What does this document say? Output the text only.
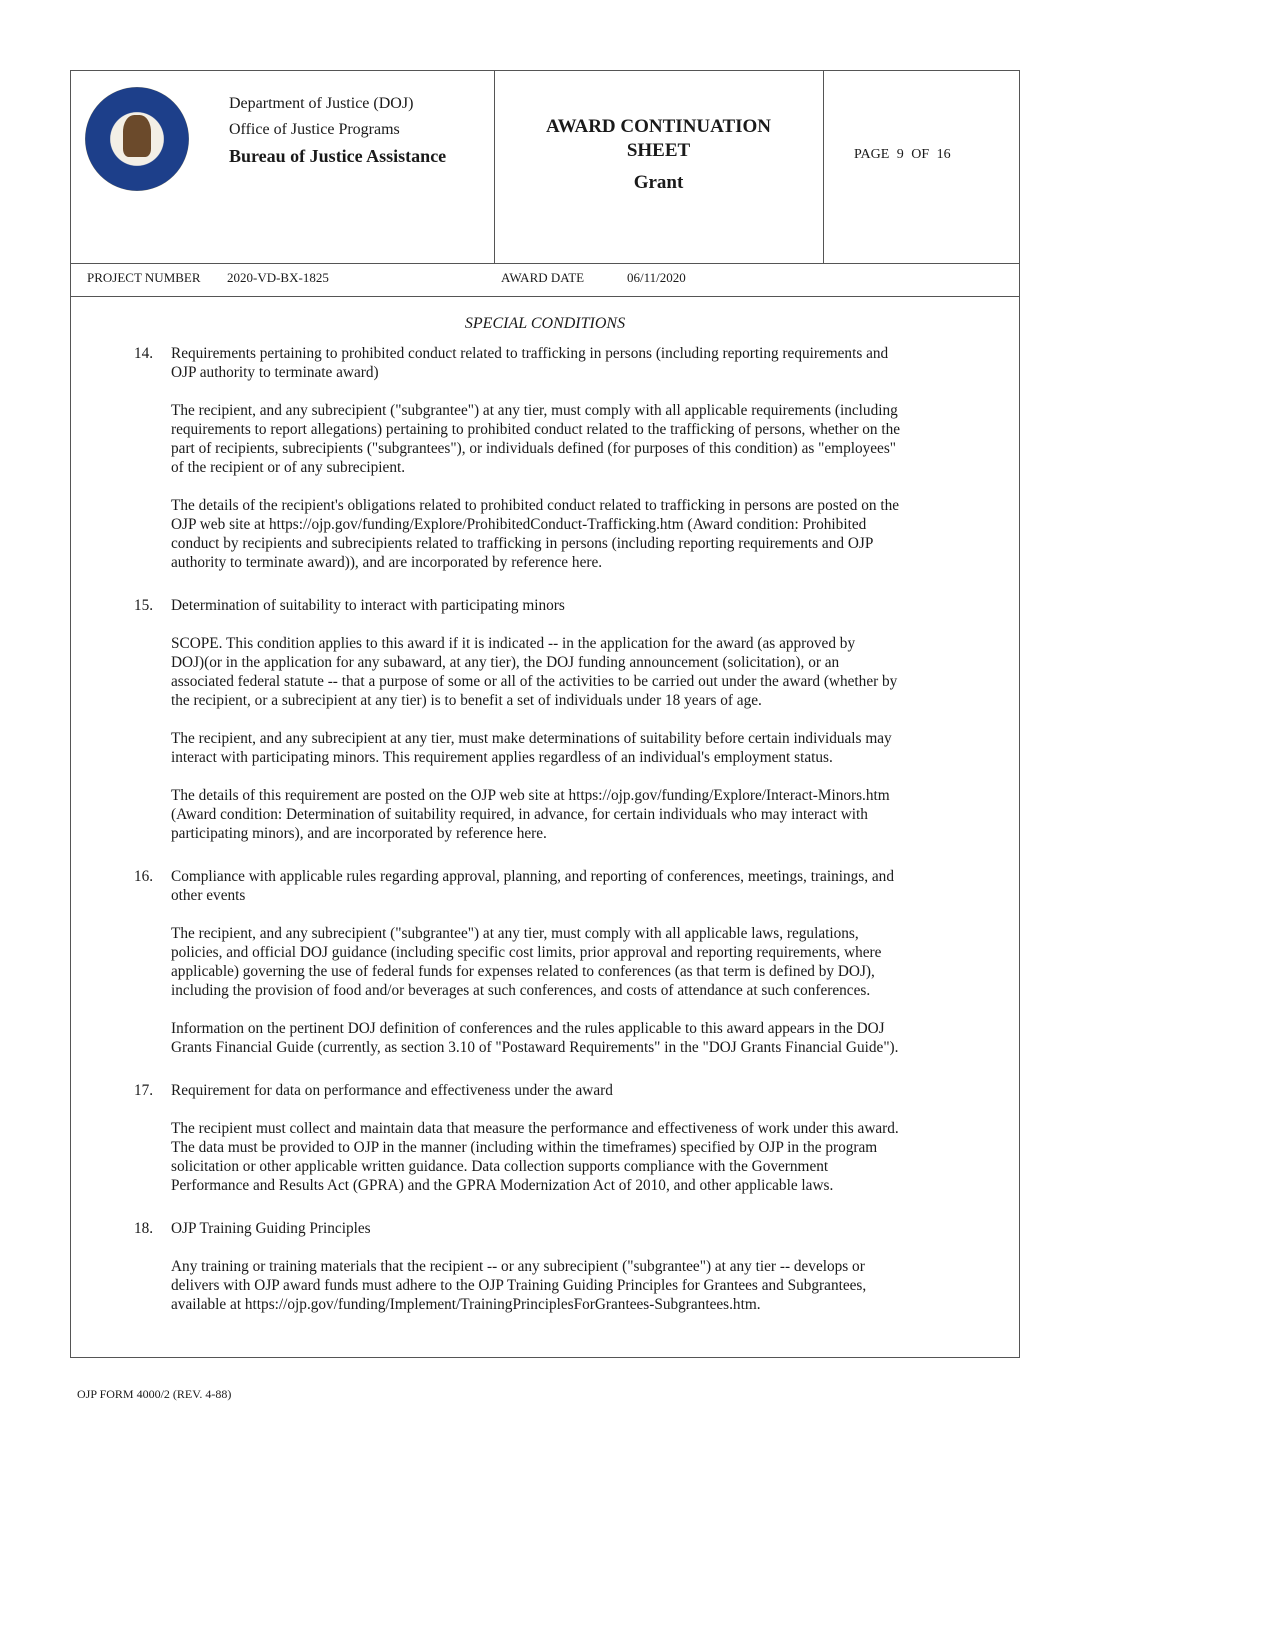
Department of Justice (DOJ)
Office of Justice Programs
Bureau of Justice Assistance
AWARD CONTINUATION
SHEET
Grant
PAGE 9 OF 16
PROJECT NUMBER 2020-VD-BX-1825	AWARD DATE	06/11/2020
SPECIAL CONDITIONS
14. Requirements pertaining to prohibited conduct related to trafficking in persons (including reporting requirements and
OJP authority to terminate award)
The recipient, and any subrecipient ("subgrantee") at any tier, must comply with all applicable requirements (including
requirements to report allegations) pertaining to prohibited conduct related to the trafficking of persons, whether on the
part of recipients, subrecipients ("subgrantees"), or individuals defined (for purposes of this condition) as "employees"
of the recipient or of any subrecipient.
The details of the recipient's obligations related to prohibited conduct related to trafficking in persons are posted on the
OJP web site at https://ojp.gov/funding/Explore/ProhibitedConduct-Trafficking.htm (Award condition: Prohibited
conduct by recipients and subrecipients related to trafficking in persons (including reporting requirements and OJP
authority to terminate award)), and are incorporated by reference here.
15. Determination of suitability to interact with participating minors
SCOPE. This condition applies to this award if it is indicated -- in the application for the award (as approved by
DOJ)(or in the application for any subaward, at any tier), the DOJ funding announcement (solicitation), or an
associated federal statute -- that a purpose of some or all of the activities to be carried out under the award (whether by
the recipient, or a subrecipient at any tier) is to benefit a set of individuals under 18 years of age.
The recipient, and any subrecipient at any tier, must make determinations of suitability before certain individuals may
interact with participating minors. This requirement applies regardless of an individual's employment status.
The details of this requirement are posted on the OJP web site at https://ojp.gov/funding/Explore/Interact-Minors.htm
(Award condition: Determination of suitability required, in advance, for certain individuals who may interact with
participating minors), and are incorporated by reference here.
16. Compliance with applicable rules regarding approval, planning, and reporting of conferences, meetings, trainings, and
other events
The recipient, and any subrecipient ("subgrantee") at any tier, must comply with all applicable laws, regulations,
policies, and official DOJ guidance (including specific cost limits, prior approval and reporting requirements, where
applicable) governing the use of federal funds for expenses related to conferences (as that term is defined by DOJ),
including the provision of food and/or beverages at such conferences, and costs of attendance at such conferences.
Information on the pertinent DOJ definition of conferences and the rules applicable to this award appears in the DOJ
Grants Financial Guide (currently, as section 3.10 of "Postaward Requirements" in the "DOJ Grants Financial Guide").
17. Requirement for data on performance and effectiveness under the award
The recipient must collect and maintain data that measure the performance and effectiveness of work under this award.
The data must be provided to OJP in the manner (including within the timeframes) specified by OJP in the program
solicitation or other applicable written guidance. Data collection supports compliance with the Government
Performance and Results Act (GPRA) and the GPRA Modernization Act of 2010, and other applicable laws.
18. OJP Training Guiding Principles
Any training or training materials that the recipient -- or any subrecipient ("subgrantee") at any tier -- develops or
delivers with OJP award funds must adhere to the OJP Training Guiding Principles for Grantees and Subgrantees,
available at https://ojp.gov/funding/Implement/TrainingPrinciplesForGrantees-Subgrantees.htm.
OJP FORM 4000/2 (REV. 4-88)
